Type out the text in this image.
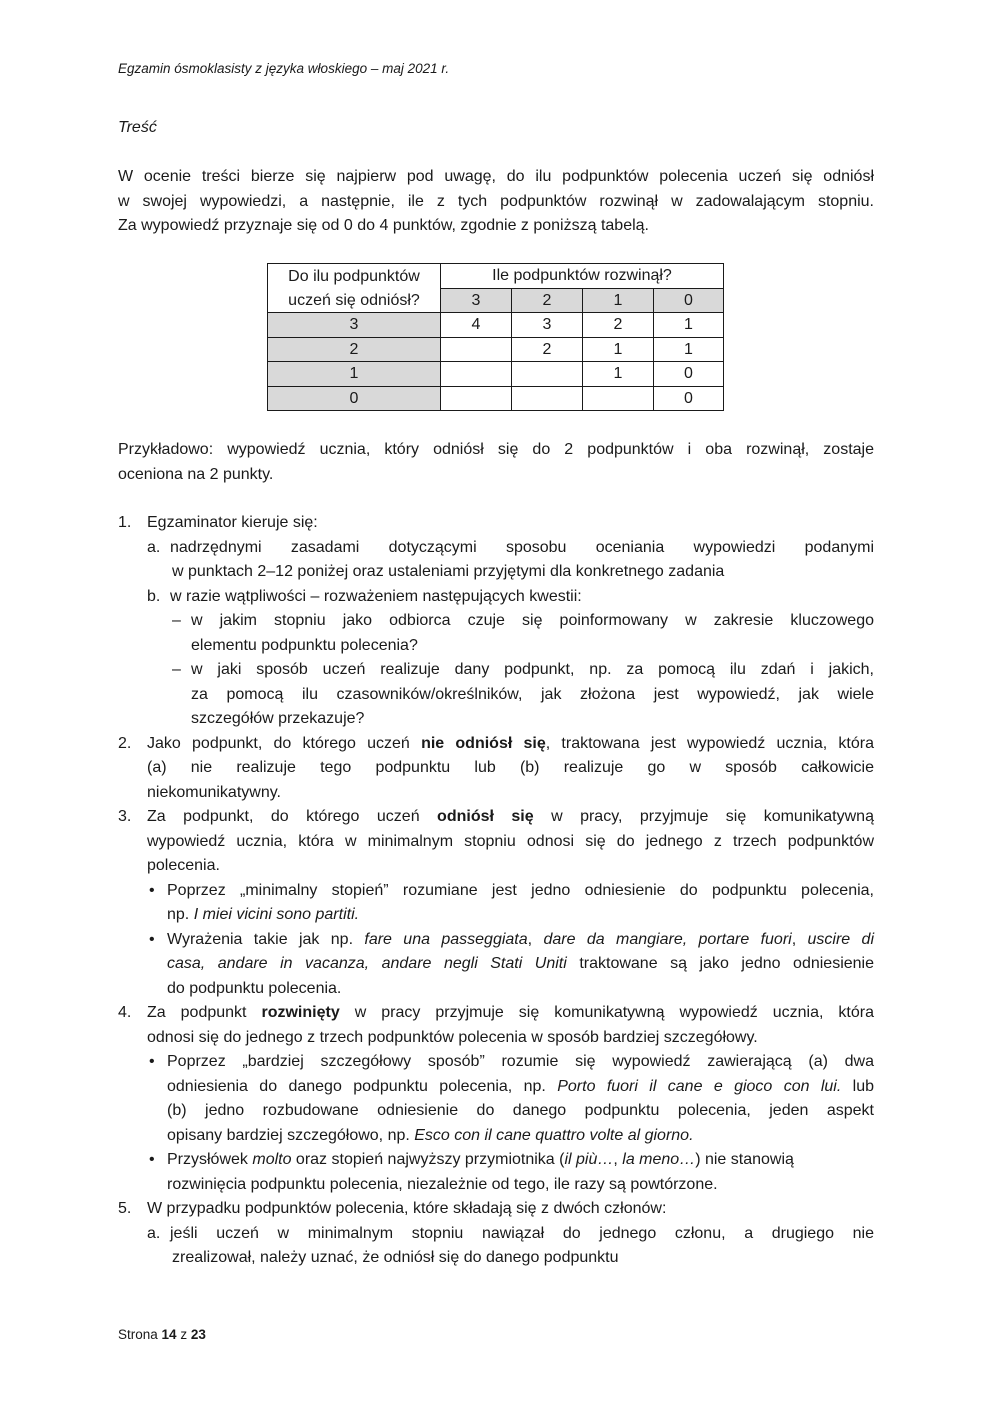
Egzamin ósmoklasisty z języka włoskiego – maj 2021 r.
Treść
W ocenie treści bierze się najpierw pod uwagę, do ilu podpunktów polecenia uczeń się odniósł
w swojej wypowiedzi, a następnie, ile z tych podpunktów rozwinął w zadowalającym stopniu.
Za wypowiedź przyznaje się od 0 do 4 punktów, zgodnie z poniższą tabelą.
Do ilu podpunktów	Ile podpunktów rozwinął?			
uczeń się odniósł?	3	2	1	0
3	4	3	2	1
2		2	1	1
1			1	0
0				0
Przykładowo: wypowiedź ucznia, który odniósł się do 2 podpunktów i oba rozwinął, zostaje
oceniona na 2 punkty.
1. Egzaminator kieruje się:
a. nadrzędnymi zasadami dotyczącymi sposobu oceniania wypowiedzi podanymi
w punktach 2–12 poniżej oraz ustaleniami przyjętymi dla konkretnego zadania
b. w razie wątpliwości – rozważeniem następujących kwestii:
– w jakim stopniu jako odbiorca czuje się poinformowany w zakresie kluczowego
elementu podpunktu polecenia?
– w jaki sposób uczeń realizuje dany podpunkt, np. za pomocą ilu zdań i jakich,
za pomocą ilu czasowników/określników, jak złożona jest wypowiedź, jak wiele
szczegółów przekazuje?
2. Jako podpunkt, do którego uczeń nie odniósł się, traktowana jest wypowiedź ucznia, która
(a) nie realizuje tego podpunktu lub (b) realizuje go w sposób całkowicie
niekomunikatywny.
3. Za podpunkt, do którego uczeń odniósł się w pracy, przyjmuje się komunikatywną
wypowiedź ucznia, która w minimalnym stopniu odnosi się do jednego z trzech podpunktów
polecenia.
• Poprzez „minimalny stopień” rozumiane jest jedno odniesienie do podpunktu polecenia,
np. I miei vicini sono partiti.
• Wyrażenia takie jak np. fare una passeggiata, dare da mangiare, portare fuori, uscire di
casa, andare in vacanza, andare negli Stati Uniti traktowane są jako jedno odniesienie
do podpunktu polecenia.
4. Za podpunkt rozwinięty w pracy przyjmuje się komunikatywną wypowiedź ucznia, która
odnosi się do jednego z trzech podpunktów polecenia w sposób bardziej szczegółowy.
• Poprzez „bardziej szczegółowy sposób” rozumie się wypowiedź zawierającą (a) dwa
odniesienia do danego podpunktu polecenia, np. Porto fuori il cane e gioco con lui. lub
(b) jedno rozbudowane odniesienie do danego podpunktu polecenia, jeden aspekt
opisany bardziej szczegółowo, np. Esco con il cane quattro volte al giorno.
• Przysłówek molto oraz stopień najwyższy przymiotnika (il più…, la meno…) nie stanowią
rozwinięcia podpunktu polecenia, niezależnie od tego, ile razy są powtórzone.
5. W przypadku podpunktów polecenia, które składają się z dwóch członów:
a. jeśli uczeń w minimalnym stopniu nawiązał do jednego członu, a drugiego nie
zrealizował, należy uznać, że odniósł się do danego podpunktu
Strona 14 z 23
